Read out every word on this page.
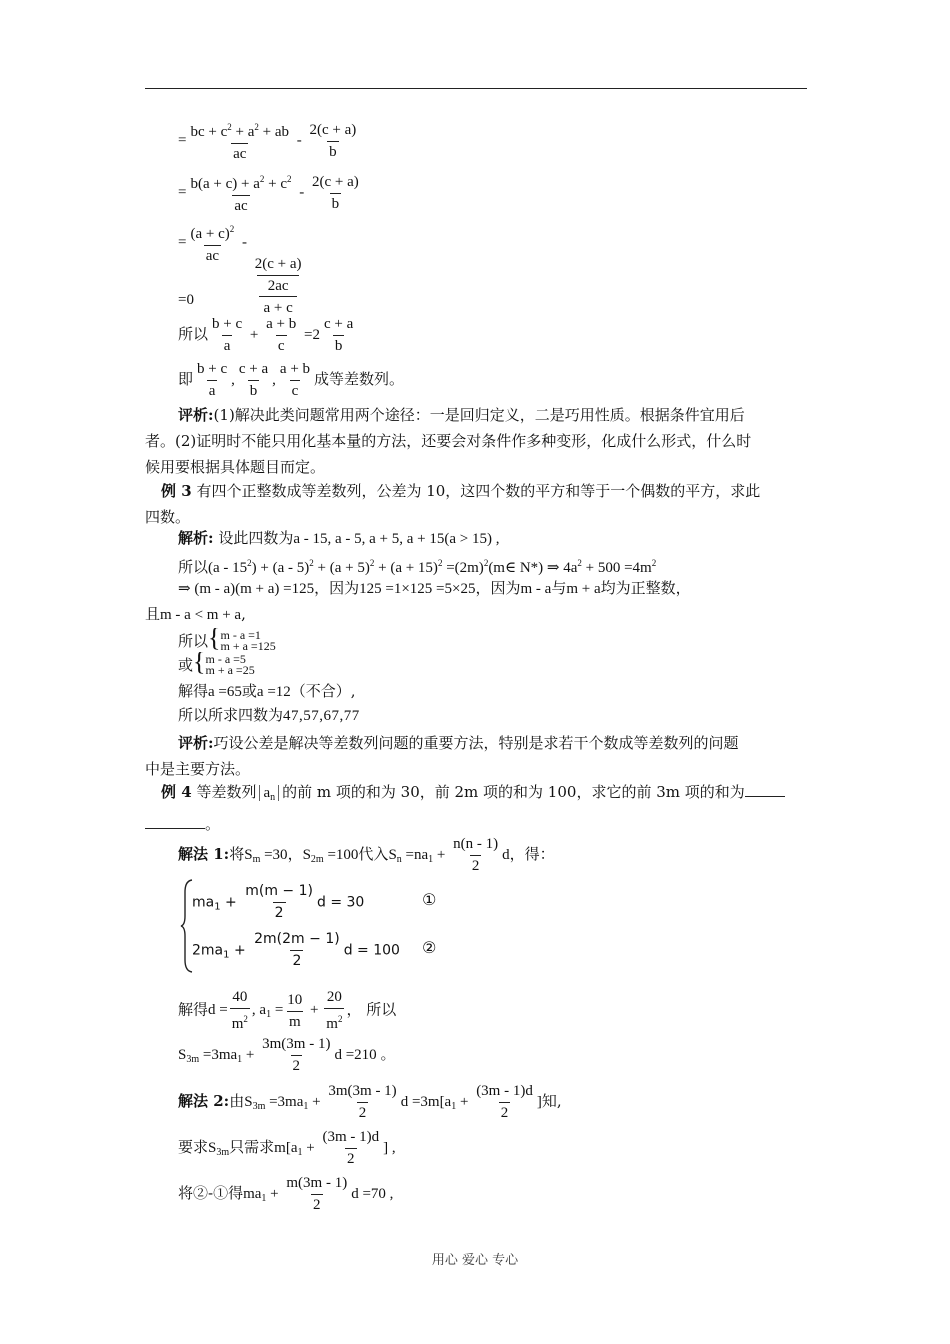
= $\frac{bc + c^2 + a^2 + ab}{ac} - \frac{2(c + a)}{b}$
= $\frac{b(a + c) + a^2 + c^2}{ac} - \frac{2(c + a)}{b}$
= $\frac{(a + c)^2}{ac}$ -
2(c + a)
2ac
a + c
=0
所以 $\frac{b + c}{a} + \frac{a + b}{c} =2 \frac{c + a}{b}$
即 $\frac{b + c}{a}$ , $\frac{c + a}{b}$ , $\frac{a + b}{c}$ 成等差数列。
评析:(1)解决此类问题常用两个途径：一是回归定义，二是巧用性质。根据条件宜用后
者。(2)证明时不能只用化基本量的方法，还要会对条件作多种变形，化成什么形式，什么时
候用要根据具体题目而定。
例 3 有四个正整数成等差数列，公差为 10，这四个数的平方和等于一个偶数的平方，求此
四数。
解析: 设此四数为a - 15, a - 5, a + 5, a + 15(a > 15) ,
所以$(a - 15^2) + (a - 5)^2 + (a + 5)^2 + (a + 15)^2$ $=(2m)^2(m\in$ N*) ⇒ $4a^2 + 500 =4m^2$
⇒ (m - a)(m + a) =125，因为125 =1×125 =5×25，因为m - a与m + a均为正整数，
且m - a < m + a,
所以{ m - a =1
m + a =125
或{ m - a =5
m + a =25
解得a =65或a =12（不合）,
所以所求四数为47,57,67,77
评析:巧设公差是解决等差数列问题的重要方法，特别是求若干个数成等差数列的问题
中是主要方法。
例 4 等差数列 $a_n$ 的前 m 项的和为 30，前 2m 项的和为 100，求它的前 3m 项的和为
。
解法 1:将$S_m =30$，$S_{2m} =100$代入$S_n =na_1 + \frac{n(n - 1)}{2}$ d，得：
$ma_1 + \frac{m(m - 1)}{2}$ d = 30	①
$2ma_1 + \frac{2m(2m - 1)}{2}$ d = 100 ②
解得$d = \frac{40}{m^2}$ , $a_1 = \frac{10}{m} + \frac{20}{m^2}$ ， 所以
$S_{3m} =3ma_1 + \frac{3m(3m - 1)}{2}$ d =210 。
解法 2:由$S_{3m} =3ma_1 + \frac{3m(3m - 1)}{2}$ $d =3m[a_1 + \frac{(3m - 1)d}{2}$ ]知,
要求$S_{3m}$只需求$m[a_1 + \frac{(3m - 1)d}{2}$ ] ,
将②-①得$ma_1 + \frac{m(3m - 1)}{2}$ d =70 ,
用心 爱心 专心
